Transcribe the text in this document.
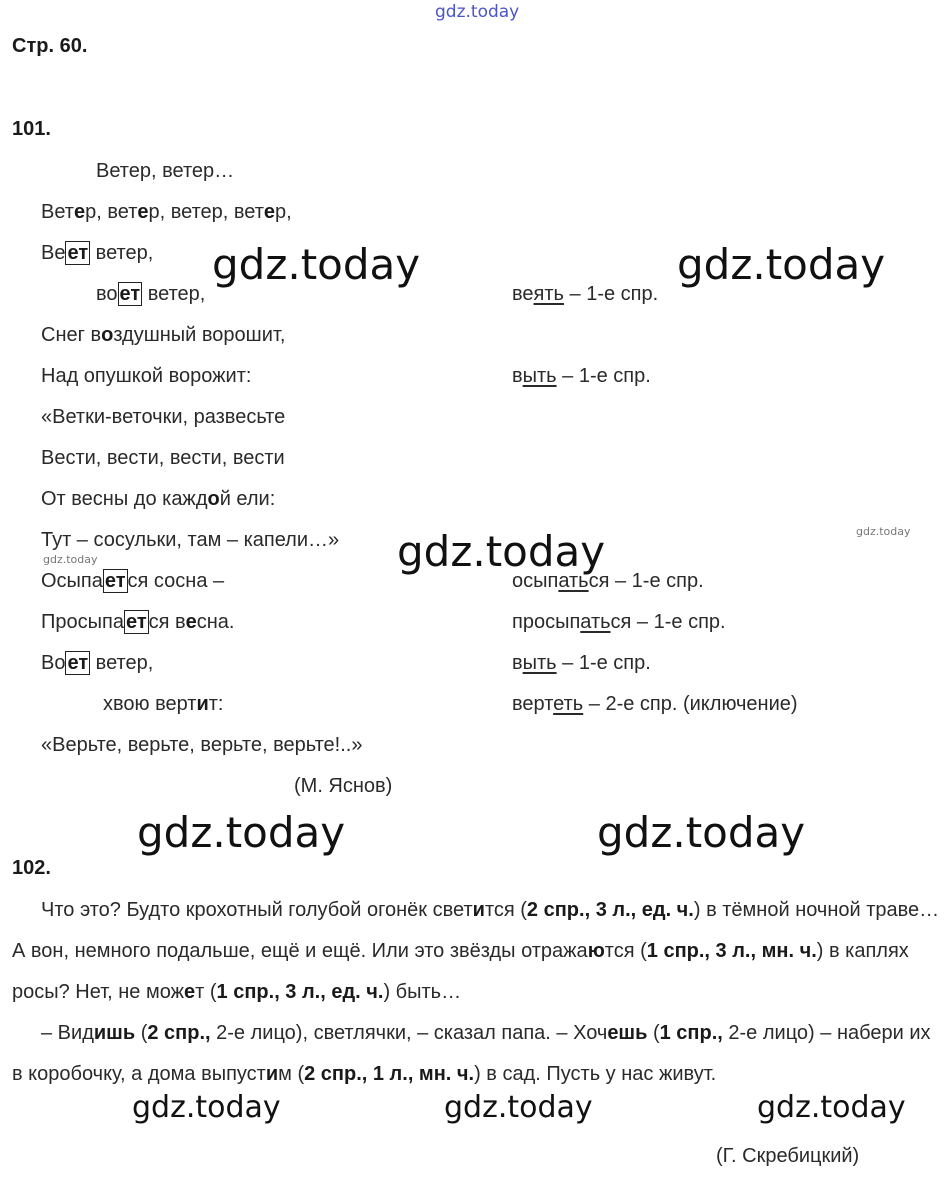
gdz.today
gdz.today	gdz.today
gdz.today
gdz.today
gdz.today
gdz.today	gdz.today
gdz.today	gdz.today	gdz.today
Стр. 60.
101.
Ветер, ветер…
Ветер, ветер, ветер, ветер,
Ве ет ветер,
во ет ветер,
Снег воздушный ворошит,
Над опушкой ворожит:
«Ветки-веточки, развесьте
Вести, вести, вести, вести
От весны до каждой ели:
Тут – сосульки, там – капели…»
Осыпа ет ся сосна –
Просыпа ет ся весна.
Во ет ветер,
хвою вертит:
«Верьте, верьте, верьте, верьте!..»
(М. Яснов)
веять – 1-е спр.
выть – 1-е спр.
осыпаться – 1-е спр.
просыпаться – 1-е спр.
выть – 1-е спр.
вертеть – 2-е спр. (иключение)
102.

Что это? Будто крохотный голубой огонёк светится (2 спр., 3 л., ед. ч.) в тёмной ночной траве… А вон, немного подальше, ещё и ещё. Или это звёзды отражаются (1 спр., 3 л., мн. ч.) в каплях росы? Нет, не может (1 спр., 3 л., ед. ч.) быть…

– Видишь (2 спр., 2-е лицо), светлячки, – сказал папа. – Хочешь (1 спр., 2-е лицо) – набери их в коробочку, а дома выпустим (2 спр., 1 л., мн. ч.) в сад. Пусть у нас живут.

(Г. Скребицкий)
